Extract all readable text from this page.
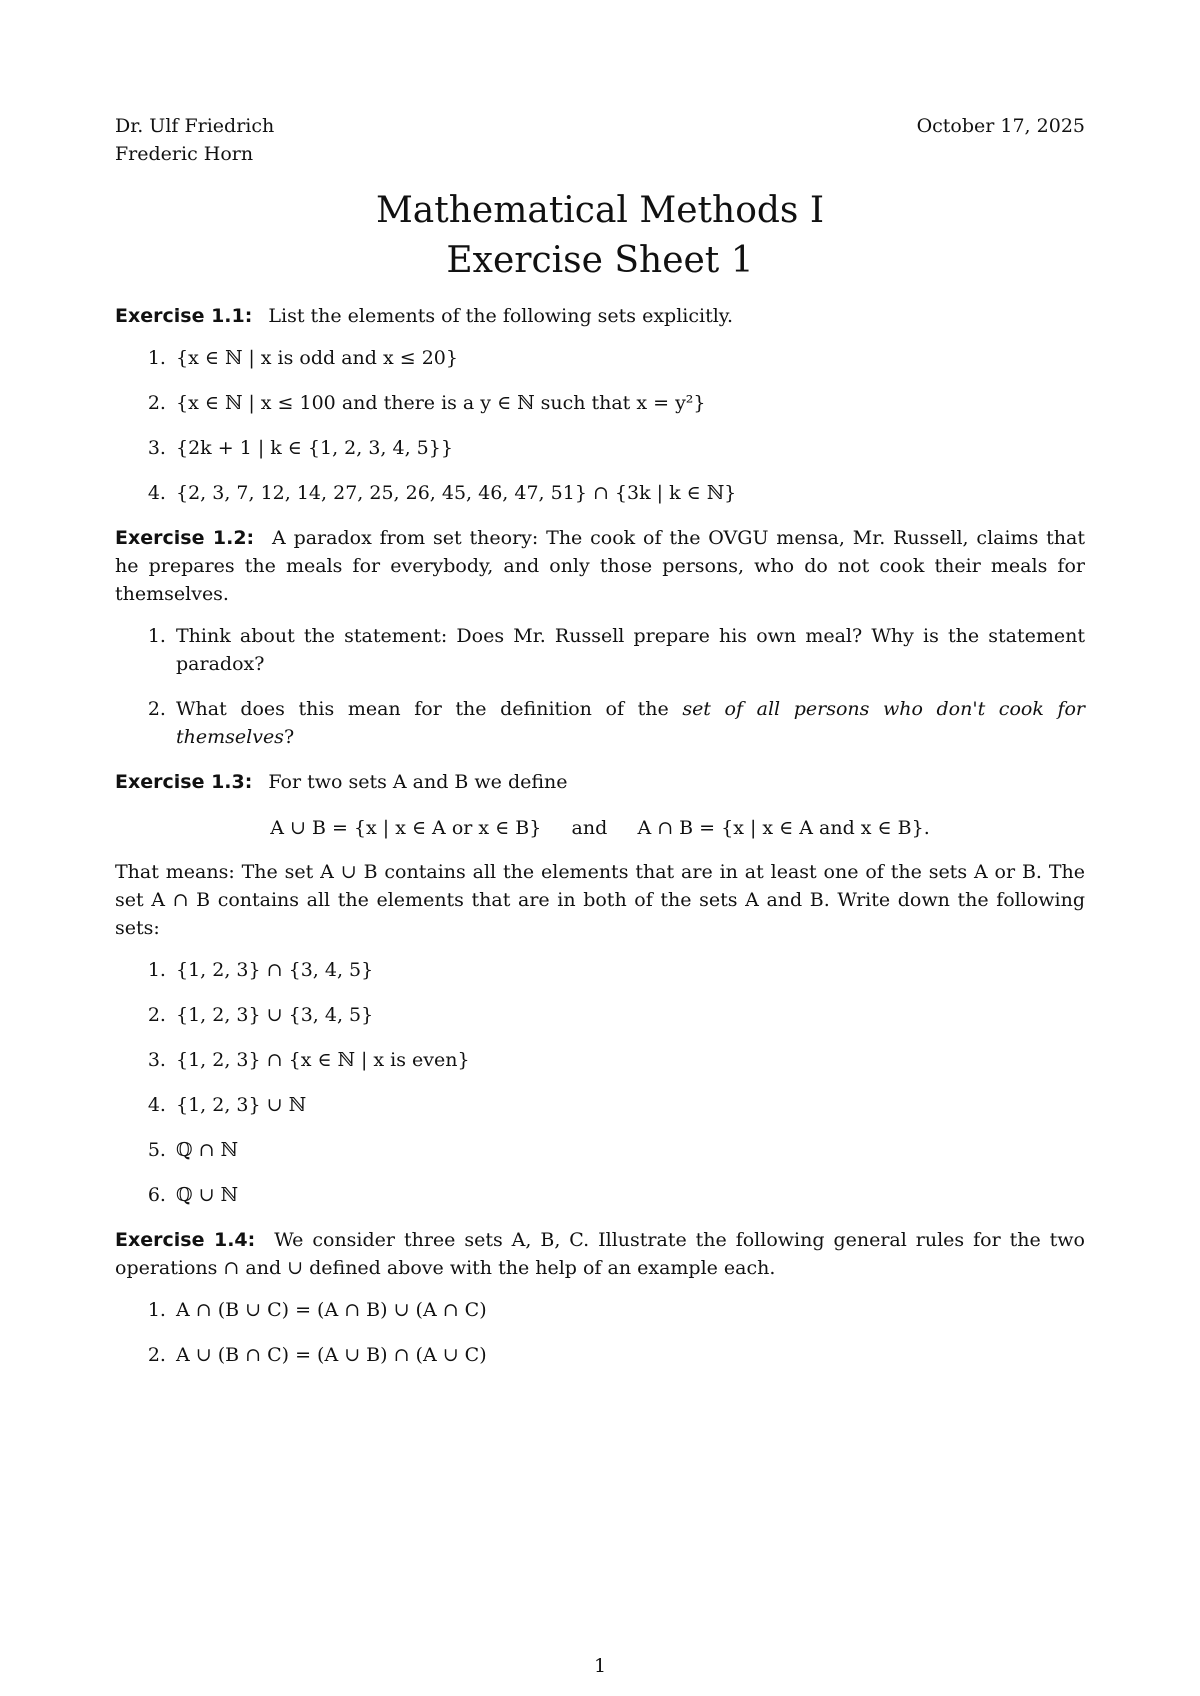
Dr. Ulf Friedrich
Frederic Horn
October 17, 2025
Mathematical Methods I
Exercise Sheet 1

Exercise 1.1: List the elements of the following sets explicitly.

1. {x ∈ ℕ | x is odd and x ≤ 20}
2. {x ∈ ℕ | x ≤ 100 and there is a y ∈ ℕ such that x = y²}
3. {2k + 1 | k ∈ {1, 2, 3, 4, 5}}
4. {2, 3, 7, 12, 14, 27, 25, 26, 45, 46, 47, 51} ∩ {3k | k ∈ ℕ}

Exercise 1.2: A paradox from set theory: The cook of the OVGU mensa, Mr. Russell, claims that he prepares the meals for everybody, and only those persons, who do not cook their meals for themselves.

1. Think about the statement: Does Mr. Russell prepare his own meal? Why is the statement paradox?
2. What does this mean for the definition of the set of all persons who don't cook for themselves?

Exercise 1.3: For two sets A and B we define

A ∪ B = {x | x ∈ A or x ∈ B} and A ∩ B = {x | x ∈ A and x ∈ B}.

That means: The set A ∪ B contains all the elements that are in at least one of the sets A or B. The set A ∩ B contains all the elements that are in both of the sets A and B. Write down the following sets:

1. {1, 2, 3} ∩ {3, 4, 5}
2. {1, 2, 3} ∪ {3, 4, 5}
3. {1, 2, 3} ∩ {x ∈ ℕ | x is even}
4. {1, 2, 3} ∪ ℕ
5. ℚ ∩ ℕ
6. ℚ ∪ ℕ

Exercise 1.4: We consider three sets A, B, C. Illustrate the following general rules for the two operations ∩ and ∪ defined above with the help of an example each.

1. A ∩ (B ∪ C) = (A ∩ B) ∪ (A ∩ C)
2. A ∪ (B ∩ C) = (A ∪ B) ∩ (A ∪ C)
1
